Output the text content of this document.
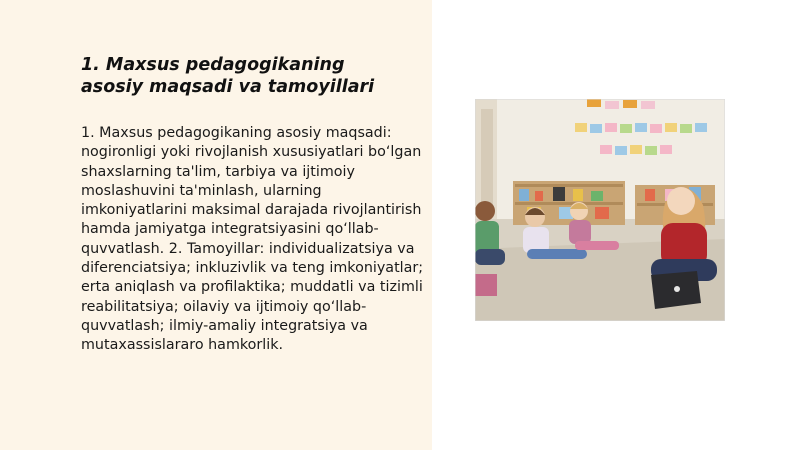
1. Maxsus pedagogikaning asosiy maqsadi va tamoyillari

1. Maxsus pedagogikaning asosiy maqsadi: nogironligi yoki rivojlanish xususiyatlari bo‘lgan shaxslarning ta'lim, tarbiya va ijtimoiy moslashuvini ta'minlash, ularning imkoniyatlarini maksimal darajada rivojlantirish hamda jamiyatga integratsiyasini qo‘llab-quvvatlash. 2. Tamoyillar: individualizatsiya va diferenciatsiya; inkluzivlik va teng imkoniyatlar; erta aniqlash va profilaktika; muddatli va tizimli reabilitatsiya; oilaviy va ijtimoiy qo‘llab-quvvatlash; ilmiy-amaliy integratsiya va mutaxassislararo hamkorlik.
